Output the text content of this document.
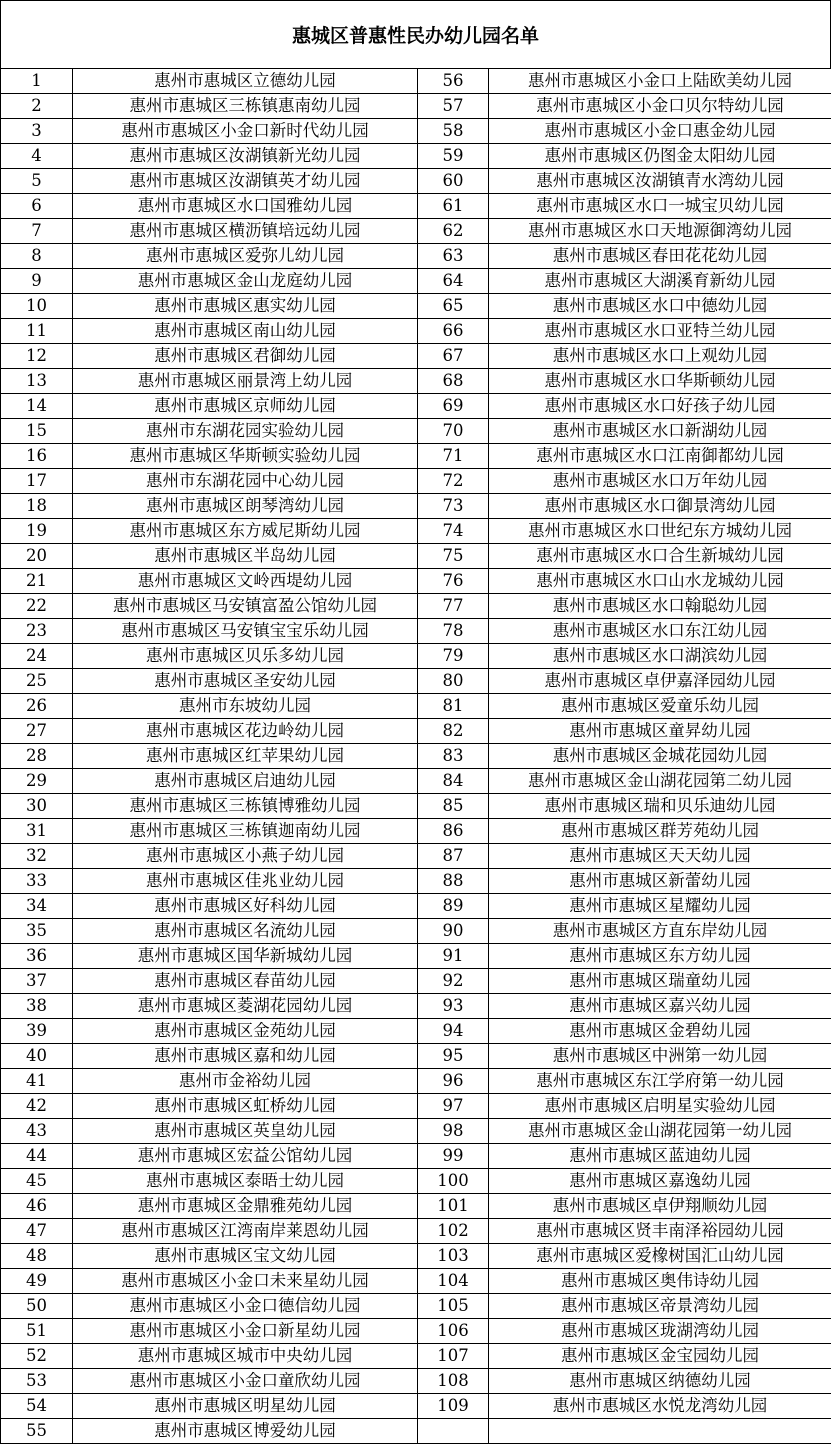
惠城区普惠性民办幼儿园名单
1	惠州市惠城区立德幼儿园	56	惠州市惠城区小金口上陆欧美幼儿园
2	惠州市惠城区三栋镇惠南幼儿园	57	惠州市惠城区小金口贝尔特幼儿园
3	惠州市惠城区小金口新时代幼儿园	58	惠州市惠城区小金口惠金幼儿园
4	惠州市惠城区汝湖镇新光幼儿园	59	惠州市惠城区仍图金太阳幼儿园
5	惠州市惠城区汝湖镇英才幼儿园	60	惠州市惠城区汝湖镇青水湾幼儿园
6	惠州市惠城区水口国雅幼儿园	61	惠州市惠城区水口一城宝贝幼儿园
7	惠州市惠城区横沥镇培远幼儿园	62	惠州市惠城区水口天地源御湾幼儿园
8	惠州市惠城区爱弥儿幼儿园	63	惠州市惠城区春田花花幼儿园
9	惠州市惠城区金山龙庭幼儿园	64	惠州市惠城区大湖溪育新幼儿园
10	惠州市惠城区惠实幼儿园	65	惠州市惠城区水口中德幼儿园
11	惠州市惠城区南山幼儿园	66	惠州市惠城区水口亚特兰幼儿园
12	惠州市惠城区君御幼儿园	67	惠州市惠城区水口上观幼儿园
13	惠州市惠城区丽景湾上幼儿园	68	惠州市惠城区水口华斯顿幼儿园
14	惠州市惠城区京师幼儿园	69	惠州市惠城区水口好孩子幼儿园
15	惠州市东湖花园实验幼儿园	70	惠州市惠城区水口新湖幼儿园
16	惠州市惠城区华斯顿实验幼儿园	71	惠州市惠城区水口江南御都幼儿园
17	惠州市东湖花园中心幼儿园	72	惠州市惠城区水口万年幼儿园
18	惠州市惠城区朗琴湾幼儿园	73	惠州市惠城区水口御景湾幼儿园
19	惠州市惠城区东方威尼斯幼儿园	74	惠州市惠城区水口世纪东方城幼儿园
20	惠州市惠城区半岛幼儿园	75	惠州市惠城区水口合生新城幼儿园
21	惠州市惠城区文岭西堤幼儿园	76	惠州市惠城区水口山水龙城幼儿园
22	惠州市惠城区马安镇富盈公馆幼儿园	77	惠州市惠城区水口翰聪幼儿园
23	惠州市惠城区马安镇宝宝乐幼儿园	78	惠州市惠城区水口东江幼儿园
24	惠州市惠城区贝乐多幼儿园	79	惠州市惠城区水口湖滨幼儿园
25	惠州市惠城区圣安幼儿园	80	惠州市惠城区卓伊嘉泽园幼儿园
26	惠州市东坡幼儿园	81	惠州市惠城区爱童乐幼儿园
27	惠州市惠城区花边岭幼儿园	82	惠州市惠城区童昇幼儿园
28	惠州市惠城区红苹果幼儿园	83	惠州市惠城区金城花园幼儿园
29	惠州市惠城区启迪幼儿园	84	惠州市惠城区金山湖花园第二幼儿园
30	惠州市惠城区三栋镇博雅幼儿园	85	惠州市惠城区瑞和贝乐迪幼儿园
31	惠州市惠城区三栋镇迦南幼儿园	86	惠州市惠城区群芳苑幼儿园
32	惠州市惠城区小燕子幼儿园	87	惠州市惠城区天天幼儿园
33	惠州市惠城区佳兆业幼儿园	88	惠州市惠城区新蕾幼儿园
34	惠州市惠城区好科幼儿园	89	惠州市惠城区星耀幼儿园
35	惠州市惠城区名流幼儿园	90	惠州市惠城区方直东岸幼儿园
36	惠州市惠城区国华新城幼儿园	91	惠州市惠城区东方幼儿园
37	惠州市惠城区春苗幼儿园	92	惠州市惠城区瑞童幼儿园
38	惠州市惠城区菱湖花园幼儿园	93	惠州市惠城区嘉兴幼儿园
39	惠州市惠城区金苑幼儿园	94	惠州市惠城区金碧幼儿园
40	惠州市惠城区嘉和幼儿园	95	惠州市惠城区中洲第一幼儿园
41	惠州市金裕幼儿园	96	惠州市惠城区东江学府第一幼儿园
42	惠州市惠城区虹桥幼儿园	97	惠州市惠城区启明星实验幼儿园
43	惠州市惠城区英皇幼儿园	98	惠州市惠城区金山湖花园第一幼儿园
44	惠州市惠城区宏益公馆幼儿园	99	惠州市惠城区蓝迪幼儿园
45	惠州市惠城区泰晤士幼儿园	100	惠州市惠城区嘉逸幼儿园
46	惠州市惠城区金鼎雅苑幼儿园	101	惠州市惠城区卓伊翔顺幼儿园
47	惠州市惠城区江湾南岸莱恩幼儿园	102	惠州市惠城区贤丰南泽裕园幼儿园
48	惠州市惠城区宝文幼儿园	103	惠州市惠城区爱橡树国汇山幼儿园
49	惠州市惠城区小金口未来星幼儿园	104	惠州市惠城区奥伟诗幼儿园
50	惠州市惠城区小金口德信幼儿园	105	惠州市惠城区帝景湾幼儿园
51	惠州市惠城区小金口新星幼儿园	106	惠州市惠城区珑湖湾幼儿园
52	惠州市惠城区城市中央幼儿园	107	惠州市惠城区金宝园幼儿园
53	惠州市惠城区小金口童欣幼儿园	108	惠州市惠城区纳德幼儿园
54	惠州市惠城区明星幼儿园	109	惠州市惠城区水悦龙湾幼儿园
55	惠州市惠城区博爱幼儿园		
